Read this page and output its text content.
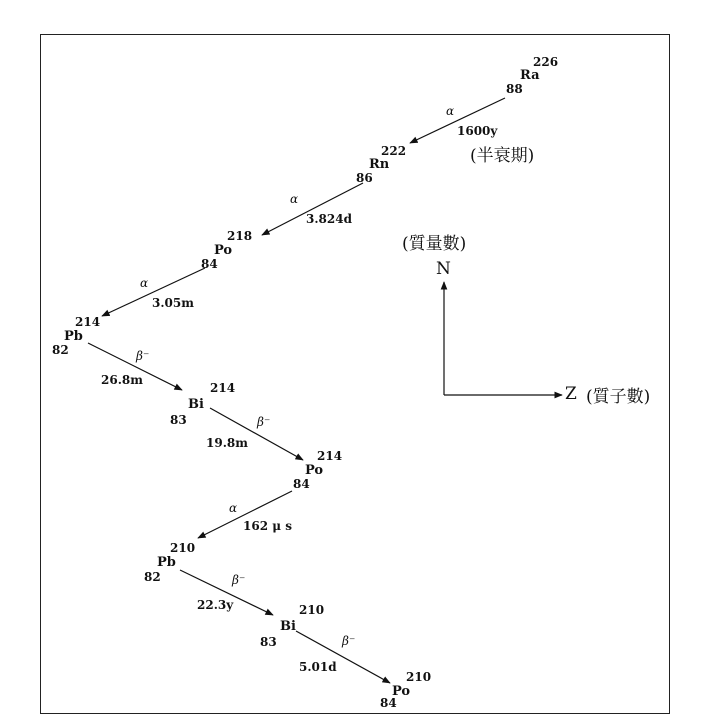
226
Ra
88
α
1600y
(半衰期)
222
Rn
86
α
3.824d
218
Po
84
α
3.05m
214
Pb
82	β⁻
26.8m
214
Bi
83	β⁻
19.8m
214
Po
84
α
162 μ s
210
Pb
82	β⁻
22.3y	210
Bi
83	β⁻
5.01d
210
Po
84
(質量數)
N
Z (質子數)
